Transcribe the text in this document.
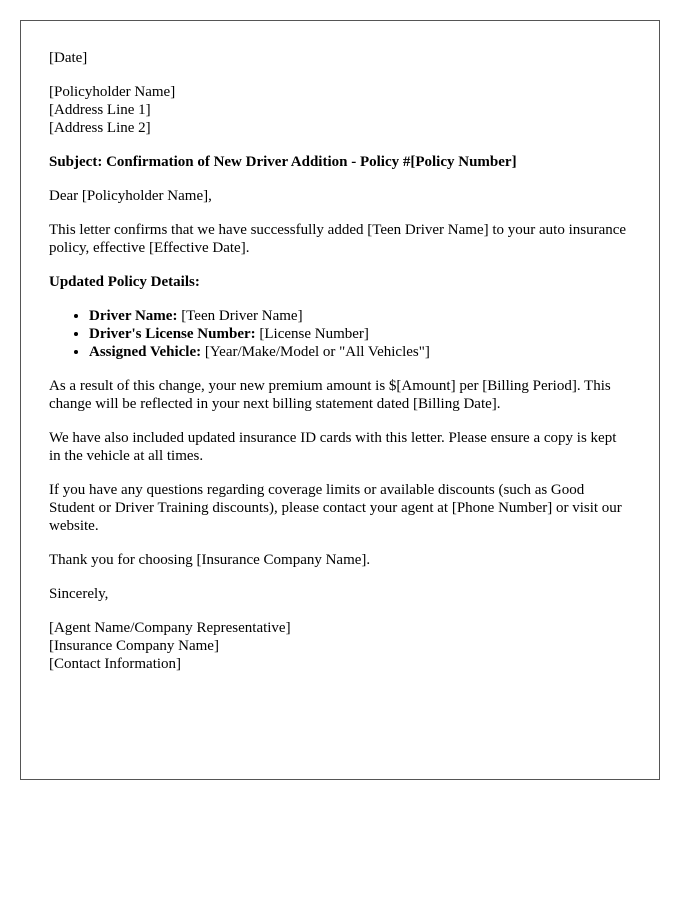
[Date]
[Policyholder Name]
[Address Line 1]
[Address Line 2]

Subject: Confirmation of New Driver Addition - Policy #[Policy Number]

Dear [Policyholder Name],

This letter confirms that we have successfully added [Teen Driver Name] to your auto insurance policy, effective [Effective Date].

Updated Policy Details:

• Driver Name: [Teen Driver Name]
• Driver's License Number: [License Number]
• Assigned Vehicle: [Year/Make/Model or "All Vehicles"]

As a result of this change, your new premium amount is $[Amount] per [Billing Period]. This change will be reflected in your next billing statement dated [Billing Date].

We have also included updated insurance ID cards with this letter. Please ensure a copy is kept in the vehicle at all times.

If you have any questions regarding coverage limits or available discounts (such as Good Student or Driver Training discounts), please contact your agent at [Phone Number] or visit our website.

Thank you for choosing [Insurance Company Name].

Sincerely,

[Agent Name/Company Representative]
[Insurance Company Name]
[Contact Information]
